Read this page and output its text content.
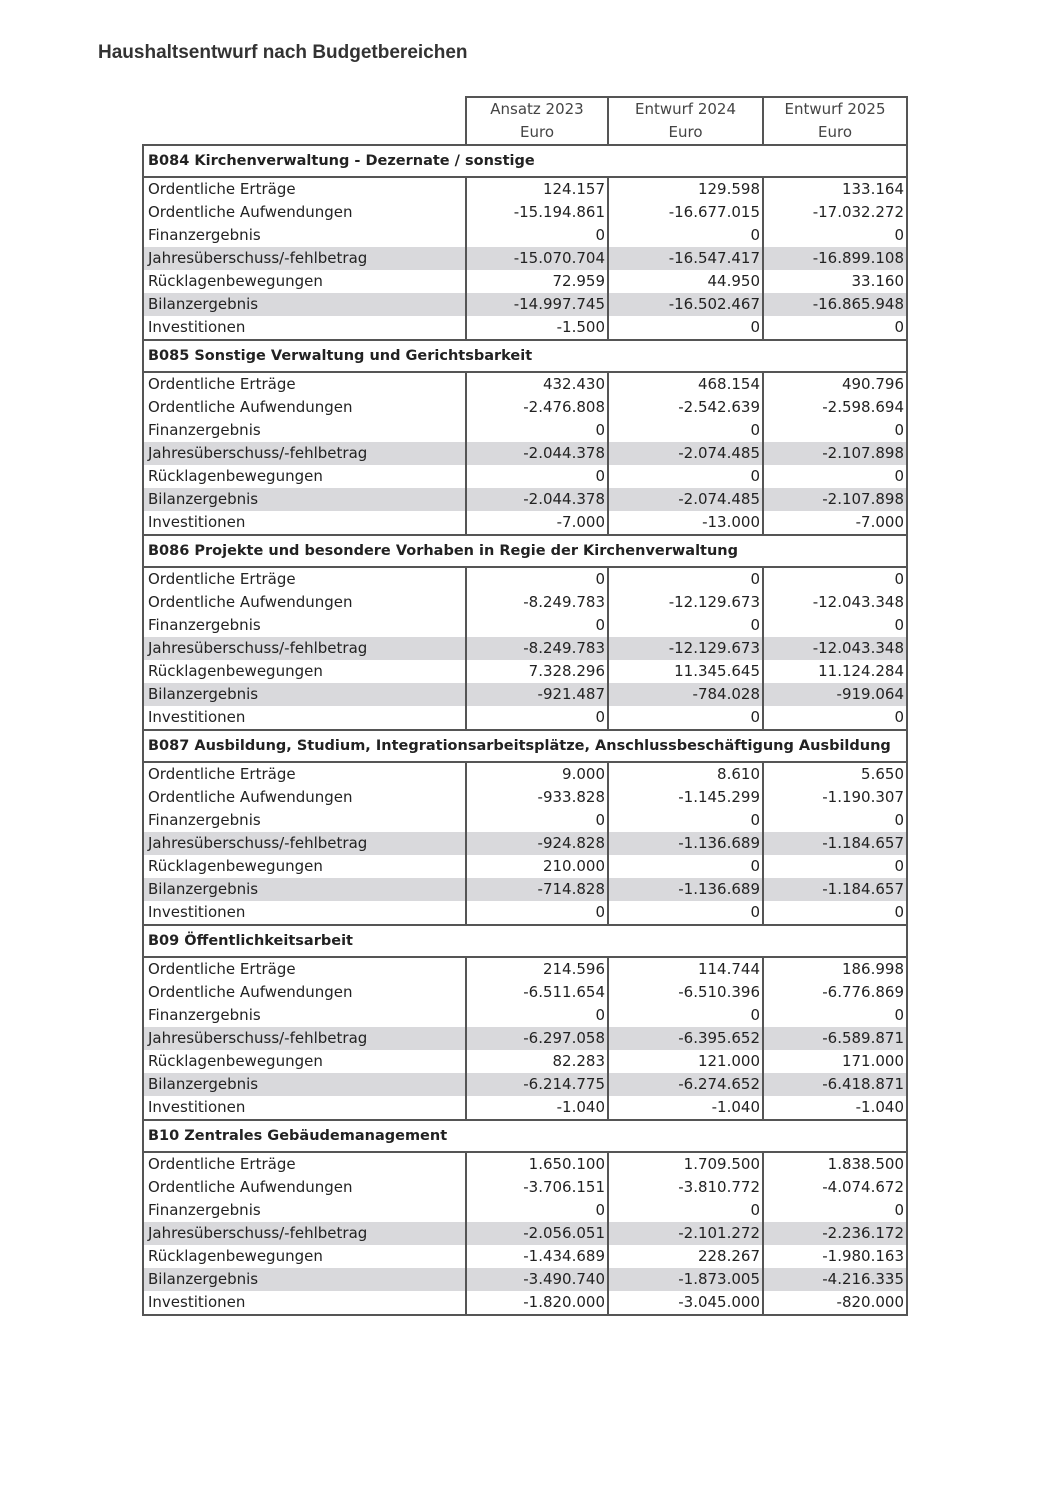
Haushaltsentwurf nach Budgetbereichen
	Ansatz 2023	Entwurf 2024	Entwurf 2025
	Euro	Euro	Euro
B084 Kirchenverwaltung - Dezernate / sonstige			
Ordentliche Erträge	124.157	129.598	133.164
Ordentliche Aufwendungen	-15.194.861	-16.677.015	-17.032.272
Finanzergebnis	0	0	0
Jahresüberschuss/-fehlbetrag	-15.070.704	-16.547.417	-16.899.108
Rücklagenbewegungen	72.959	44.950	33.160
Bilanzergebnis	-14.997.745	-16.502.467	-16.865.948
Investitionen	-1.500	0	0
B085 Sonstige Verwaltung und Gerichtsbarkeit			
Ordentliche Erträge	432.430	468.154	490.796
Ordentliche Aufwendungen	-2.476.808	-2.542.639	-2.598.694
Finanzergebnis	0	0	0
Jahresüberschuss/-fehlbetrag	-2.044.378	-2.074.485	-2.107.898
Rücklagenbewegungen	0	0	0
Bilanzergebnis	-2.044.378	-2.074.485	-2.107.898
Investitionen	-7.000	-13.000	-7.000
B086 Projekte und besondere Vorhaben in Regie der Kirchenverwaltung			
Ordentliche Erträge	0	0	0
Ordentliche Aufwendungen	-8.249.783	-12.129.673	-12.043.348
Finanzergebnis	0	0	0
Jahresüberschuss/-fehlbetrag	-8.249.783	-12.129.673	-12.043.348
Rücklagenbewegungen	7.328.296	11.345.645	11.124.284
Bilanzergebnis	-921.487	-784.028	-919.064
Investitionen	0	0	0
B087 Ausbildung, Studium, Integrationsarbeitsplätze, Anschlussbeschäftigung Ausbildung			
Ordentliche Erträge	9.000	8.610	5.650
Ordentliche Aufwendungen	-933.828	-1.145.299	-1.190.307
Finanzergebnis	0	0	0
Jahresüberschuss/-fehlbetrag	-924.828	-1.136.689	-1.184.657
Rücklagenbewegungen	210.000	0	0
Bilanzergebnis	-714.828	-1.136.689	-1.184.657
Investitionen	0	0	0
B09 Öffentlichkeitsarbeit			
Ordentliche Erträge	214.596	114.744	186.998
Ordentliche Aufwendungen	-6.511.654	-6.510.396	-6.776.869
Finanzergebnis	0	0	0
Jahresüberschuss/-fehlbetrag	-6.297.058	-6.395.652	-6.589.871
Rücklagenbewegungen	82.283	121.000	171.000
Bilanzergebnis	-6.214.775	-6.274.652	-6.418.871
Investitionen	-1.040	-1.040	-1.040
B10 Zentrales Gebäudemanagement			
Ordentliche Erträge	1.650.100	1.709.500	1.838.500
Ordentliche Aufwendungen	-3.706.151	-3.810.772	-4.074.672
Finanzergebnis	0	0	0
Jahresüberschuss/-fehlbetrag	-2.056.051	-2.101.272	-2.236.172
Rücklagenbewegungen	-1.434.689	228.267	-1.980.163
Bilanzergebnis	-3.490.740	-1.873.005	-4.216.335
Investitionen	-1.820.000	-3.045.000	-820.000
